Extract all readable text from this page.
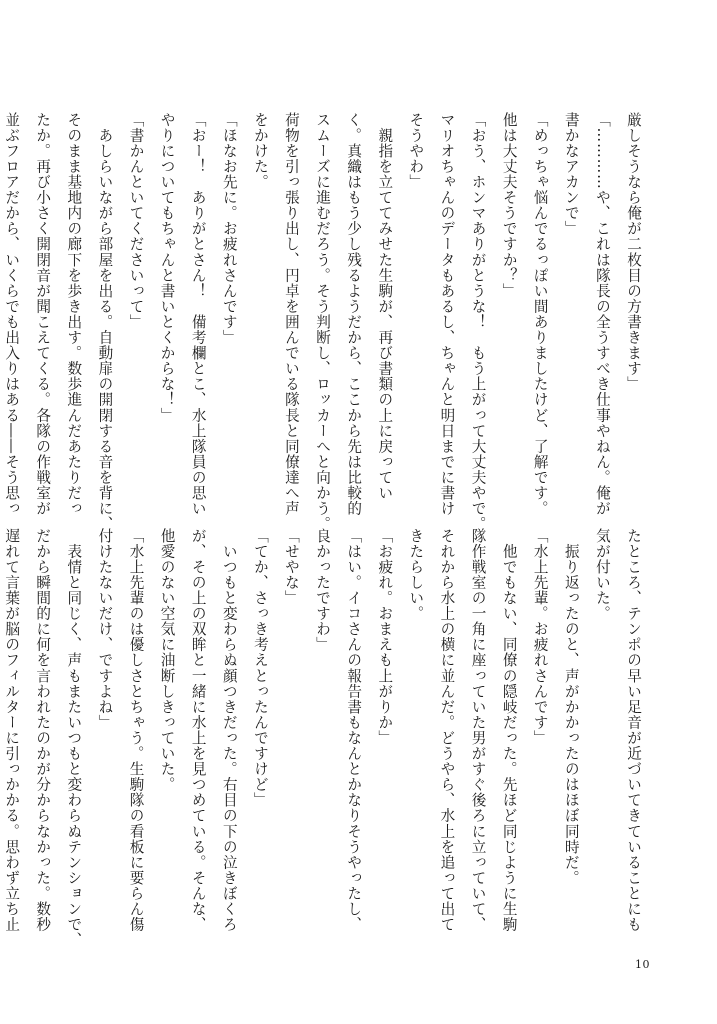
厳しそうなら俺が二枚目の方書きます」
「…………や、これは隊長の全うすべき仕事やねん。俺が
書かなアカンで」
「めっちゃ悩んでるっぽい間ありましたけど、了解です。
他は大丈夫そうですか？」
「おう、ホンマありがとうな！　もう上がって大丈夫やで。
マリオちゃんのデータもあるし、ちゃんと明日までに書け
そうやわ」
　親指を立ててみせた生駒が、再び書類の上に戻ってい
く。真織はもう少し残るようだから、ここから先は比較的
スムーズに進むだろう。そう判断し、ロッカーへと向かう。
荷物を引っ張り出し、円卓を囲んでいる隊長と同僚達へ声
をかけた。
「ほなお先に。お疲れさんです」
「おー！　ありがとさん！　備考欄とこ、水上隊員の思い
やりについてもちゃんと書いとくからな！」
「書かんといてくださいって」
　あしらいながら部屋を出る。自動扉の開閉する音を背に、
そのまま基地内の廊下を歩き出す。数歩進んだあたりだっ
たか。再び小さく開閉音が聞こえてくる。各隊の作戦室が
並ぶフロアだから、いくらでも出入りはある――そう思っ
たところ、テンポの早い足音が近づいてきていることにも
気が付いた。
　振り返ったのと、声がかかったのはほぼ同時だ。
「水上先輩。お疲れさんです」
　他でもない、同僚の隠岐だった。先ほど同じように生駒
隊作戦室の一角に座っていた男がすぐ後ろに立っていて、
それから水上の横に並んだ。どうやら、水上を追って出て
きたらしい。
「お疲れ。おまえも上がりか」
「はい。イコさんの報告書もなんとかなりそうやったし、
良かったですわ」
「せやな」
「てか、さっき考えとったんですけど」
　いつもと変わらぬ顔つきだった。右目の下の泣きぼくろ
が、その上の双眸と一緒に水上を見つめている。そんな、
他愛のない空気に油断しきっていた。
「水上先輩のは優しさとちゃう。生駒隊の看板に要らん傷
付けたないだけ、ですよね」
　表情と同じく、声もまたいつもと変わらぬテンションで、
だから瞬間的に何を言われたのかが分からなかった。数秒
遅れて言葉が脳のフィルターに引っかかる。思わず立ち止
10
